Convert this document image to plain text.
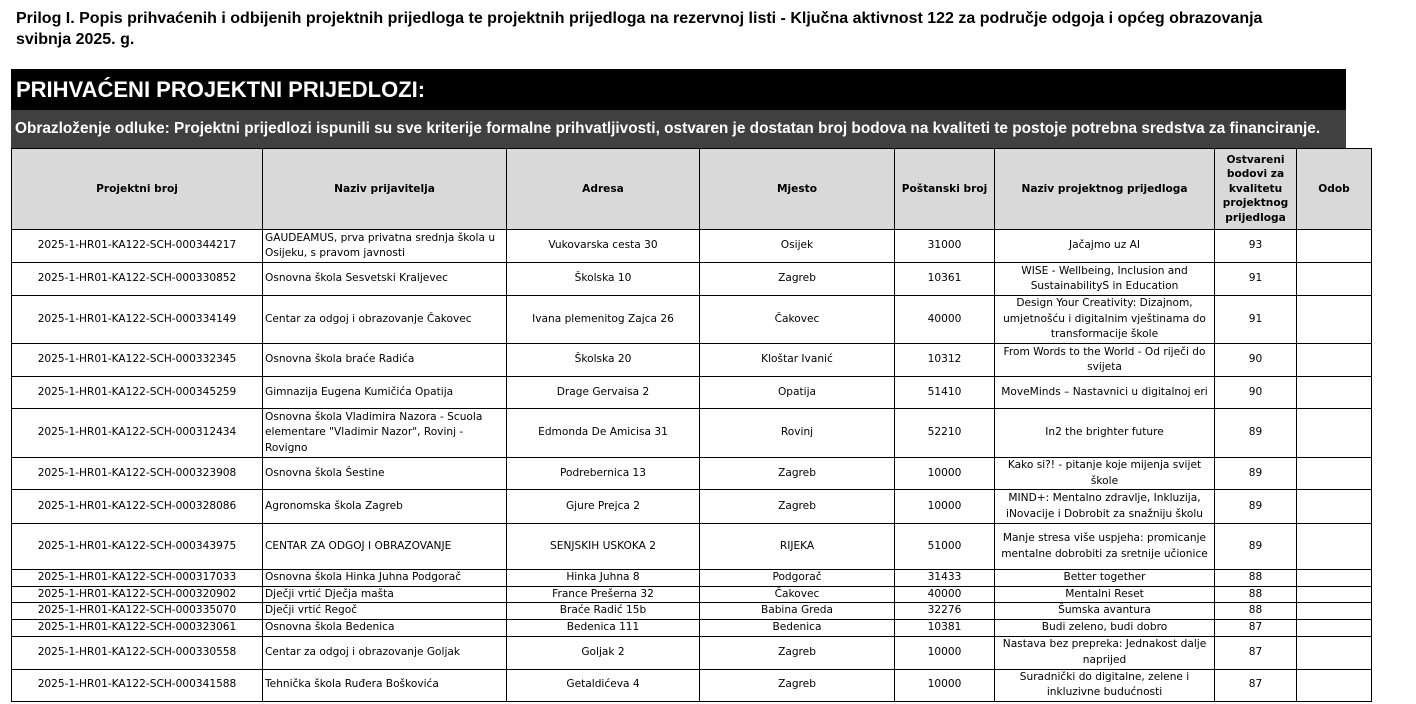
Prilog I. Popis prihvaćenih i odbijenih projektnih prijedloga te projektnih prijedloga na rezervnoj listi - Ključna aktivnost 122 za područje odgoja i općeg obrazovanja
svibnja 2025. g.
PRIHVAĆENI PROJEKTNI PRIJEDLOZI:
Obrazloženje odluke: Projektni prijedlozi ispunili su sve kriterije formalne prihvatljivosti, ostvaren je dostatan broj bodova na kvaliteti te postoje potrebna sredstva za financiranje.
Projektni broj	Naziv prijavitelja	Adresa	Mjesto	Poštanski broj	Naziv projektnog prijedloga	Ostvareni bodovi za kvalitetu projektnog prijedloga	Odob
2025-1-HR01-KA122-SCH-000344217	GAUDEAMUS, prva privatna srednja škola u Osijeku, s pravom javnosti	Vukovarska cesta 30	Osijek	31000	Jačajmo uz AI	93	
2025-1-HR01-KA122-SCH-000330852	Osnovna škola Sesvetski Kraljevec	Školska 10	Zagreb	10361	WISE - Wellbeing, Inclusion and SustainabilityS in Education	91	
2025-1-HR01-KA122-SCH-000334149	Centar za odgoj i obrazovanje Čakovec	Ivana plemenitog Zajca 26	Čakovec	40000	Design Your Creativity: Dizajnom, umjetnošću i digitalnim vještinama do transformacije škole	91	
2025-1-HR01-KA122-SCH-000332345	Osnovna škola braće Radića	Školska 20	Kloštar Ivanić	10312	From Words to the World - Od riječi do svijeta	90	
2025-1-HR01-KA122-SCH-000345259	Gimnazija Eugena Kumičića Opatija	Drage Gervaisa 2	Opatija	51410	MoveMinds – Nastavnici u digitalnoj eri	90	
2025-1-HR01-KA122-SCH-000312434	Osnovna škola Vladimira Nazora - Scuola elementare "Vladimir Nazor", Rovinj - Rovigno	Edmonda De Amicisa 31	Rovinj	52210	In2 the brighter future	89	
2025-1-HR01-KA122-SCH-000323908	Osnovna škola Šestine	Podrebernica 13	Zagreb	10000	Kako si?! - pitanje koje mijenja svijet škole	89	
2025-1-HR01-KA122-SCH-000328086	Agronomska škola Zagreb	Gjure Prejca 2	Zagreb	10000	MIND+: Mentalno zdravlje, Inkluzija, iNovacije i Dobrobit za snažniju školu	89	
2025-1-HR01-KA122-SCH-000343975	CENTAR ZA ODGOJ I OBRAZOVANJE	SENJSKIH USKOKA 2	RIJEKA	51000	Manje stresa više uspjeha: promicanje mentalne dobrobiti za sretnije učionice	89	
2025-1-HR01-KA122-SCH-000317033	Osnovna škola Hinka Juhna Podgorač	Hinka Juhna 8	Podgorač	31433	Better together	88	
2025-1-HR01-KA122-SCH-000320902	Dječji vrtić Dječja mašta	France Prešerna 32	Čakovec	40000	Mentalni Reset	88	
2025-1-HR01-KA122-SCH-000335070	Dječji vrtić Regoč	Braće Radić 15b	Babina Greda	32276	Šumska avantura	88	
2025-1-HR01-KA122-SCH-000323061	Osnovna škola Bedenica	Bedenica 111	Bedenica	10381	Budi zeleno, budi dobro	87	
2025-1-HR01-KA122-SCH-000330558	Centar za odgoj i obrazovanje Goljak	Goljak 2	Zagreb	10000	Nastava bez prepreka: Jednakost dalje naprijed	87	
2025-1-HR01-KA122-SCH-000341588	Tehnička škola Ruđera Boškovića	Getaldićeva 4	Zagreb	10000	Suradnički do digitalne, zelene i inkluzivne budućnosti	87	
